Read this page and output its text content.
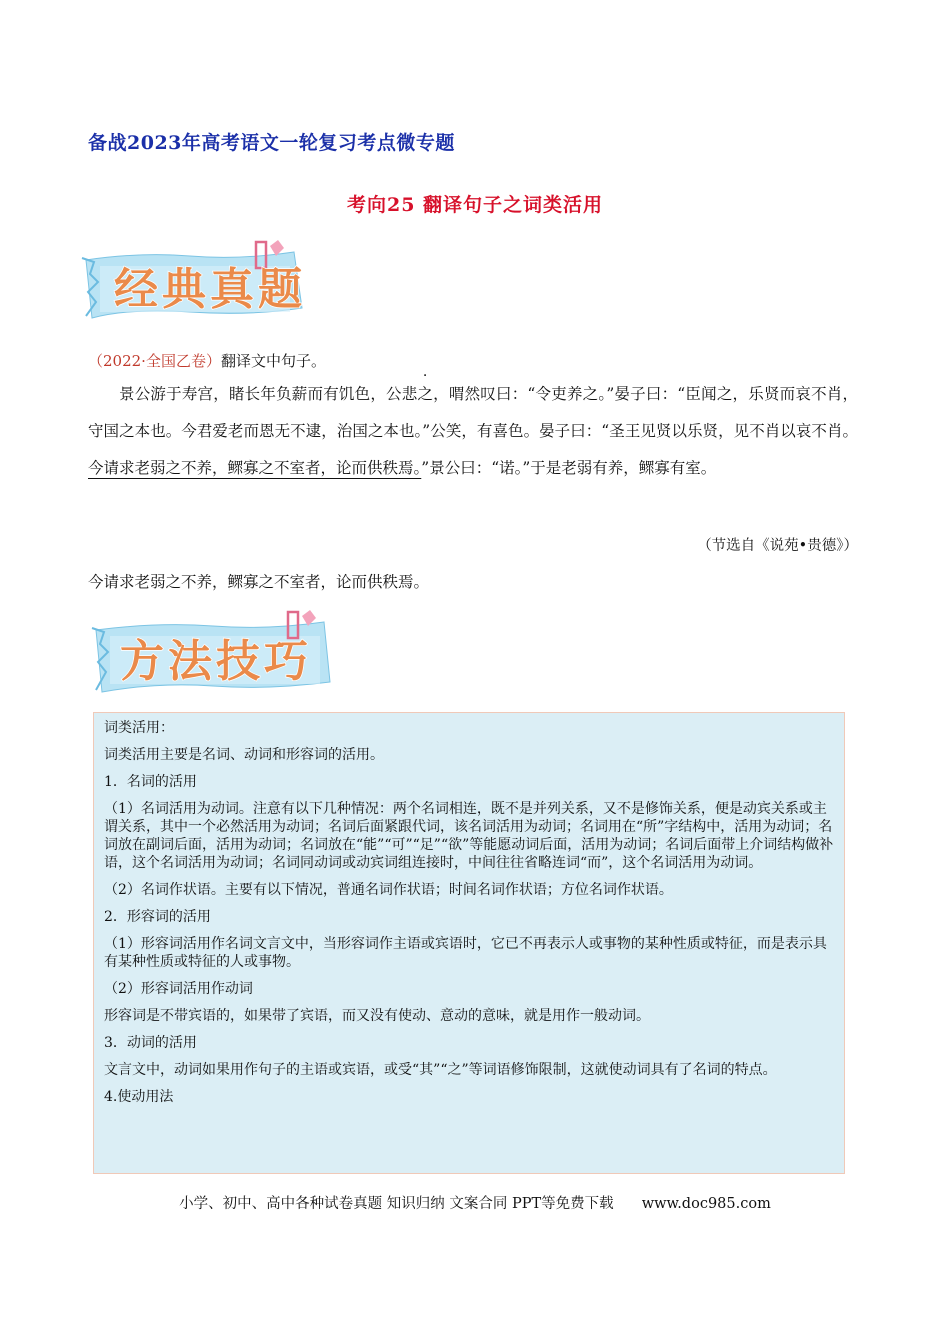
备战2023年高考语文一轮复习考点微专题
考向25 翻译句子之词类活用
经典真题
（2022·全国乙卷）翻译文中句子。
景公游于寿宫，睹长年负薪而有饥色，公悲之，喟然叹曰：“令吏养之。”晏子曰：“臣闻之，乐贤而哀不肖，守国之本也。今君爱老而恩无不逮，治国之本也。”公笑，有喜色。晏子曰：“圣王见贤以乐贤，见不肖以哀不肖。今请求老弱之不养，鳏寡之不室者，论而供秩焉。”景公曰：“诺。”于是老弱有养，鳏寡有室。
（节选自《说苑•贵德》）
今请求老弱之不养，鳏寡之不室者，论而供秩焉。
方法技巧

词类活用：

词类活用主要是名词、动词和形容词的活用。

1．名词的活用

（1）名词活用为动词。注意有以下几种情况：两个名词相连，既不是并列关系，又不是修饰关系，便是动宾关系或主谓关系，其中一个必然活用为动词；名词后面紧跟代词，该名词活用为动词；名词用在“所”字结构中，活用为动词；名词放在副词后面，活用为动词；名词放在“能”“可”“足”“欲”等能愿动词后面，活用为动词；名词后面带上介词结构做补语，这个名词活用为动词；名词同动词或动宾词组连接时，中间往往省略连词“而”，这个名词活用为动词。

（2）名词作状语。主要有以下情况，普通名词作状语；时间名词作状语；方位名词作状语。

2．形容词的活用

（1）形容词活用作名词文言文中，当形容词作主语或宾语时，它已不再表示人或事物的某种性质或特征，而是表示具有某种性质或特征的人或事物。

（2）形容词活用作动词

形容词是不带宾语的，如果带了宾语，而又没有使动、意动的意味，就是用作一般动词。

3．动词的活用

文言文中，动词如果用作句子的主语或宾语，或受“其”“之”等词语修饰限制，这就使动词具有了名词的特点。

4.使动用法

小学、初中、高中各种试卷真题 知识归纳 文案合同 PPT等免费下载 www.doc985.com
